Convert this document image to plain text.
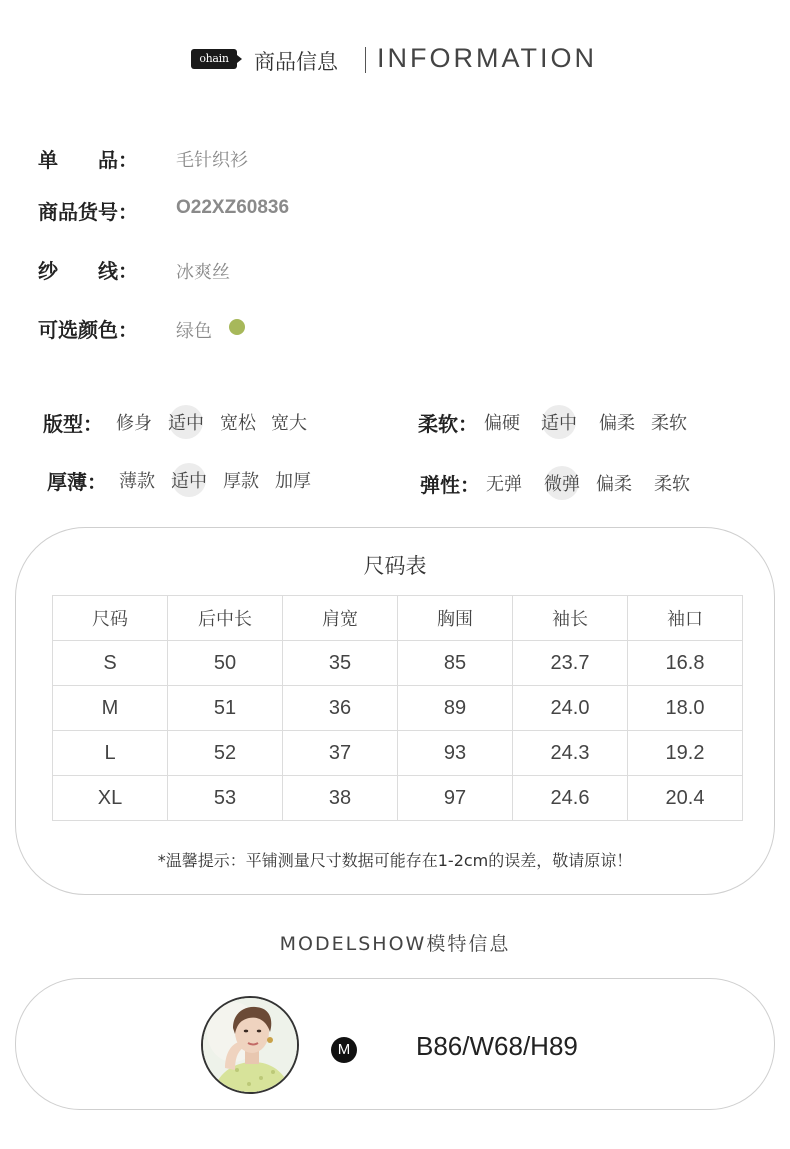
ohain	商品信息 INFORMATION
单　　品： 毛针织衫
商品货号： O22XZ60836
纱　　线： 冰爽丝
可选颜色： 绿色
版型： 修身 适中 宽松 宽大
厚薄： 薄款 适中 厚款 加厚
柔软： 偏硬 适中 偏柔 柔软
弹性： 无弹 微弹 偏柔 柔软
尺码表
尺码	后中长	肩宽	胸围	袖长	袖口
S	50	35	85	23.7	16.8
M	51	36	89	24.0	18.0
L	52	37	93	24.3	19.2
XL	53	38	97	24.6	20.4
*温馨提示：平铺测量尺寸数据可能存在1-2cm的误差，敬请原谅！
MODELSHOW模特信息
M	B86/W68/H89
